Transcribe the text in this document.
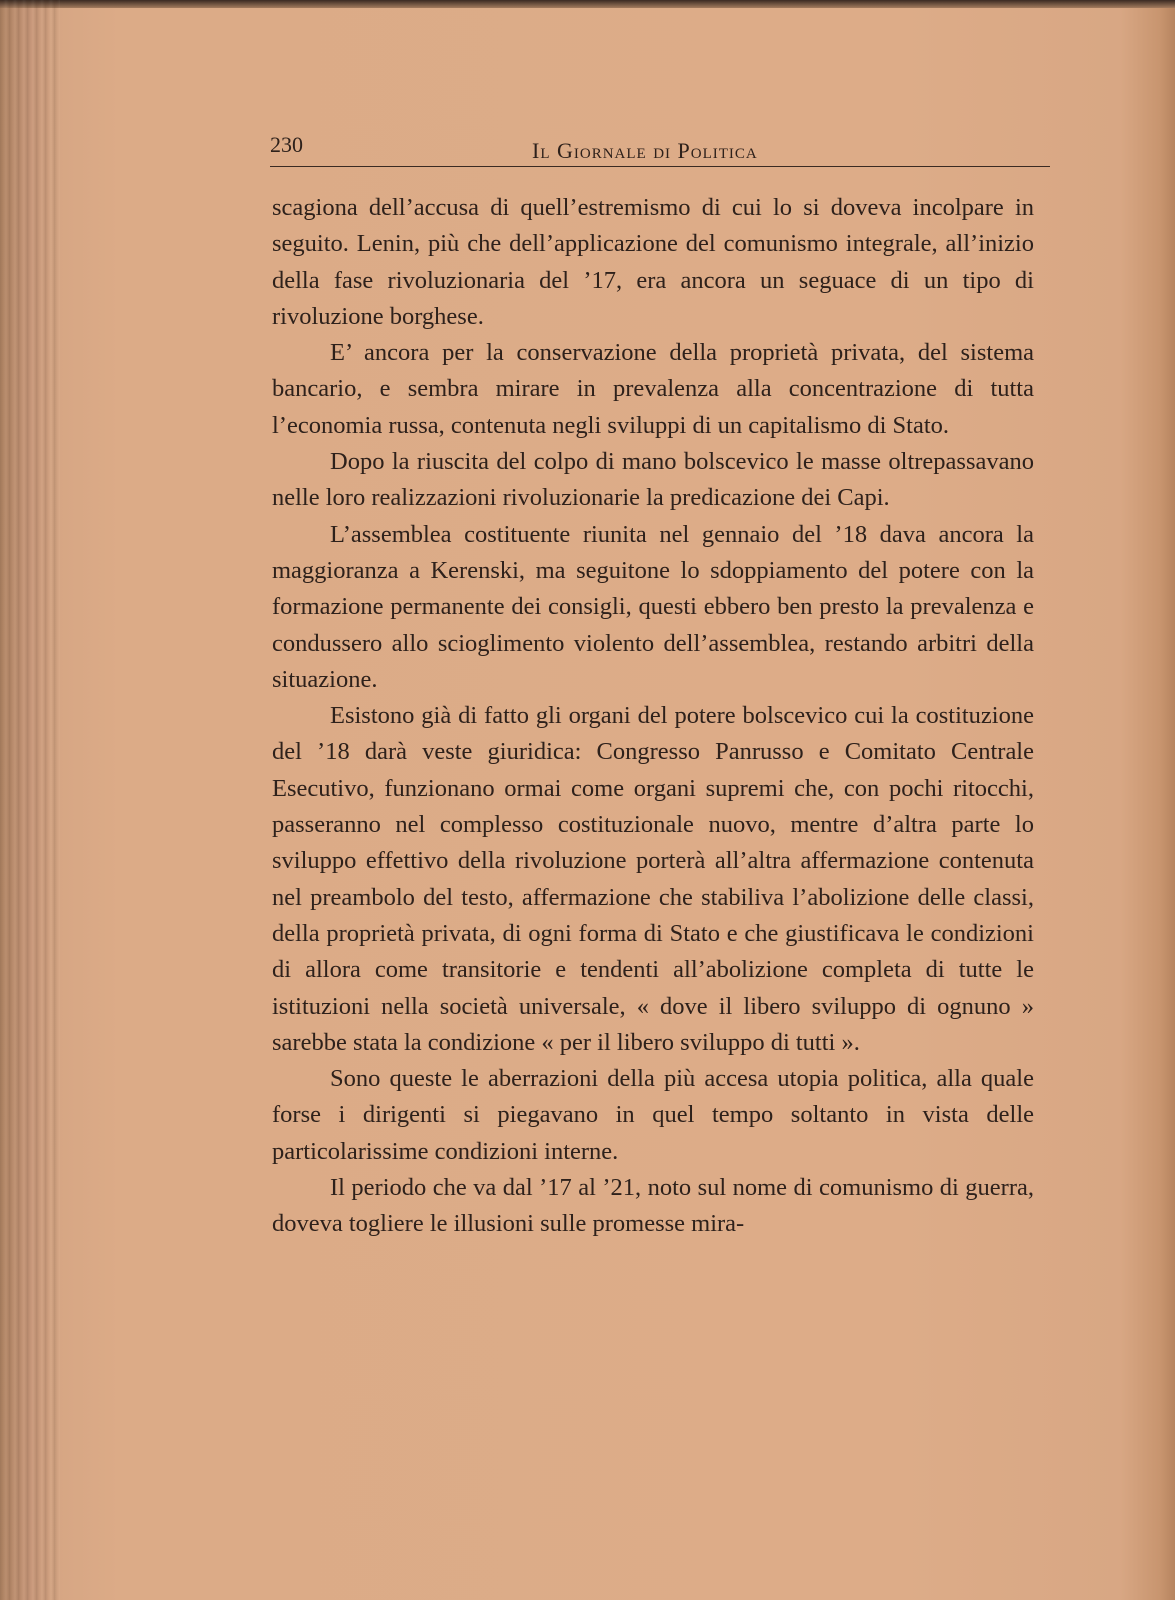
230	Il Giornale di Politica

scagiona dell’accusa di quell’estremismo di cui lo si doveva incolpare in seguito. Lenin, più che dell’applicazione del comunismo integrale, all’inizio della fase rivoluzionaria del ’17, era ancora un seguace di un tipo di rivoluzione borghese.

E’ ancora per la conservazione della proprietà privata, del sistema bancario, e sembra mirare in prevalenza alla concentrazione di tutta l’economia russa, contenuta negli sviluppi di un capitalismo di Stato.

Dopo la riuscita del colpo di mano bolscevico le masse oltrepassavano nelle loro realizzazioni rivoluzionarie la predicazione dei Capi.

L’assemblea costituente riunita nel gennaio del ’18 dava ancora la maggioranza a Kerenski, ma seguitone lo sdoppiamento del potere con la formazione permanente dei consigli, questi ebbero ben presto la prevalenza e condussero allo scioglimento violento dell’assemblea, restando arbitri della situazione.

Esistono già di fatto gli organi del potere bolscevico cui la costituzione del ’18 darà veste giuridica: Congresso Panrusso e Comitato Centrale Esecutivo, funzionano ormai come organi supremi che, con pochi ritocchi, passeranno nel complesso costituzionale nuovo, mentre d’altra parte lo sviluppo effettivo della rivoluzione porterà all’altra affermazione contenuta nel preambolo del testo, affermazione che stabiliva l’abolizione delle classi, della proprietà privata, di ogni forma di Stato e che giustificava le condizioni di allora come transitorie e tendenti all’abolizione completa di tutte le istituzioni nella società universale, « dove il libero sviluppo di ognuno » sarebbe stata la condizione « per il libero sviluppo di tutti ».

Sono queste le aberrazioni della più accesa utopia politica, alla quale forse i dirigenti si piegavano in quel tempo soltanto in vista delle particolarissime condizioni interne.

Il periodo che va dal ’17 al ’21, noto sul nome di comunismo di guerra, doveva togliere le illusioni sulle promesse mira-
